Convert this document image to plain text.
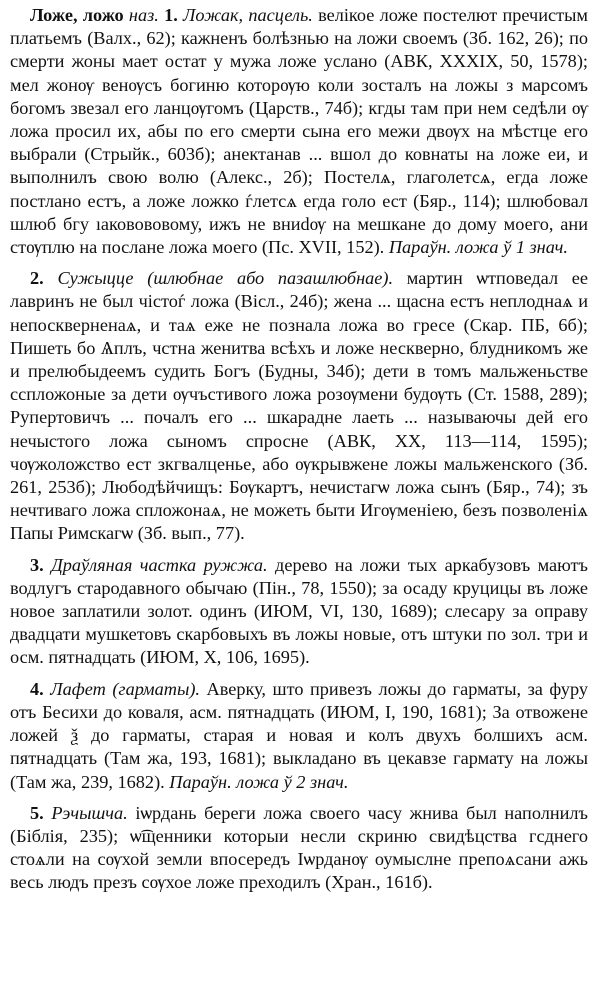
Ложе, ложо наз. 1. Ложак, пасцель. велікое ложе постелют пречистым платьемъ (Валх., 62); кажненъ болѣзнью на ложи своемъ (Зб. 162, 26); по смерти жоны мает остат у мужа ложе услано (АВК, XXXIX, 50, 1578); мел жонѹ венѹсъ богиню которѹю коли зосталъ на ложы з марсомъ богомъ звезал его ланцѹгомъ (Царств., 74б); кгды там при нем седѣли ѹ ложа просил их, абы по его смерти сына его межи двѹх на мѣстце его выбрали (Стрыйк., 603б); анектанав ... вшол до ковнаты на ложе еи, и выполнилъ свою волю (Алекс., 2б); Постелѧ, глаголетсѧ, егда ложе постлано естъ, а ложе ложко ѓлетсѧ егда голо ест (Бяр., 114); шлюбовал шлюб бгу ıаковововому, ижъ не вниdѹ на мешкане до дому моего, ани стѹплю на послане ложа моего (Пс. XVII, 152). Параўн. ложа ў 1 знач.

2. Сужыцце (шлюбнае або пазашлюбнае). мартин ѡтповедал ее лавринъ не был чістоѓ ложа (Віcл., 24б); жена ... щасна естъ неплоднаѧ и непоскверненаѧ, и таѧ еже не познала ложа во гресе (Скар. ПБ, 6б); Пишеть бо Ѧплъ, чстна женитва всѣхъ и ложе нескверно, блудникомъ же и прелюбыдеемъ судить Богъ (Будны, 34б); дети в томъ мальженьстве сспложоные за дети ѹчъстивого ложа розѹмени будѹть (Ст. 1588, 289); Рупертовичъ ... почалъ его ... шкарадне лаеть ... называючы дей его нечыстого ложа сыномъ спросне (АВК, XX, 113—114, 1595); чѹжоложство ест зкгвалценье, або ѹкрывжене ложы мальженского (Зб. 261, 253б); Любодѣйчищъ: Бѹкартъ, нечистагѡ ложа сынъ (Бяр., 74); зъ нечтиваго ложа спложонаѧ, не можеть быти Игѹменіею, безъ позволеніѧ Папы Римскагѡ (Зб. вып., 77).

3. Драўляная частка ружжа. дерево на ложи тых аркабузовъ маютъ водлугъ стародавного обычаю (Пін., 78, 1550); за осаду круцицы въ ложе новое заплатили золот. одинъ (ИЮМ, VI, 130, 1689); слесару за оправу двадцати мушкетовъ скарбовыхъ въ ложы новые, отъ штуки по зол. три и осм. пятнадцать (ИЮМ, X, 106, 1695).

4. Лафет (гарматы). Аверку, што привезъ ложы до гарматы, за фуру отъ Бесихи до коваля, асм. пятнадцать (ИЮМ, I, 190, 1681); За отвожене ложей ѯ до гарматы, старая и новая и колъ двухъ болшихъ асм. пятнадцать (Там жа, 193, 1681); выкладано въ цекавзе гармату на ложы (Там жа, 239, 1682). Параўн. ложа ў 2 знач.

5. Рэчышча. іѡрдань береги ложа своего часу жнива был наполнилъ (Біблія, 235); ѡ͡щенники которыи несли скриню свидѣцства гсднего стоѧли на сѹхой земли впосередъ Іѡрданѹ оумыслне препоѧсани ажь весь людъ презъ сѹхое ложе преходилъ (Хран., 161б).
